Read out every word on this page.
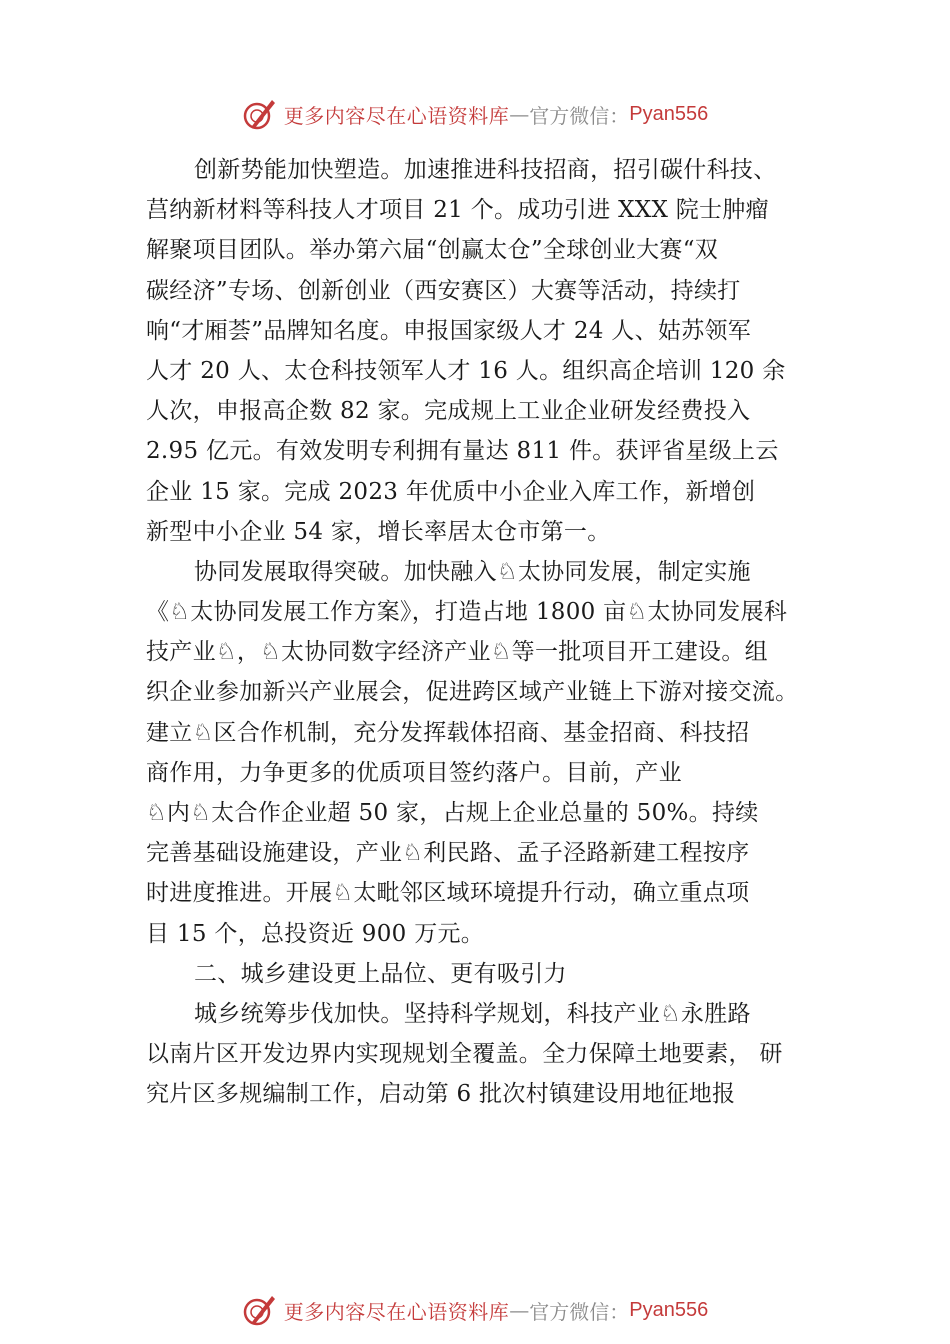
更多内容尽在心语资料库 — 官方微信： Pyan556
创新势能加快塑造。加速推进科技招商，招引碳什科技、
莒纳新材料等科技人才项目 21 个。成功引进 XXX 院士肿瘤
解聚项目团队。举办第六届“创赢太仓”全球创业大赛“双
碳经济”专场、创新创业（西安赛区）大赛等活动，持续打
响“才厢荟”品牌知名度。申报国家级人才 24 人、姑苏领军
人才 20 人、太仓科技领军人才 16 人。组织高企培训 120 余
人次，申报高企数 82 家。完成规上工业企业研发经费投入
2.95 亿元。有效发明专利拥有量达 811 件。获评省星级上云
企业 15 家。完成 2023 年优质中小企业入库工作，新增创
新型中小企业 54 家，增长率居太仓市第一。
协同发展取得突破。加快融入♘太协同发展，制定实施
《♘太协同发展工作方案》，打造占地 1800 亩♘太协同发展科
技产业♘，♘太协同数字经济产业♘等一批项目开工建设。组
织企业参加新兴产业展会，促进跨区域产业链上下游对接交流。
建立♘区合作机制，充分发挥载体招商、基金招商、科技招
商作用，力争更多的优质项目签约落户。目前，产业
♘内♘太合作企业超 50 家，占规上企业总量的 50%。持续
完善基础设施建设，产业♘利民路、孟子泾路新建工程按序
时进度推进。开展♘太毗邻区域环境提升行动，确立重点项
目 15 个，总投资近 900 万元。
二、城乡建设更上品位、更有吸引力
城乡统筹步伐加快。坚持科学规划，科技产业♘永胜路
以南片区开发边界内实现规划全覆盖。全力保障土地要素， 研
究片区多规编制工作，启动第 6 批次村镇建设用地征地报
更多内容尽在心语资料库 — 官方微信： Pyan556
